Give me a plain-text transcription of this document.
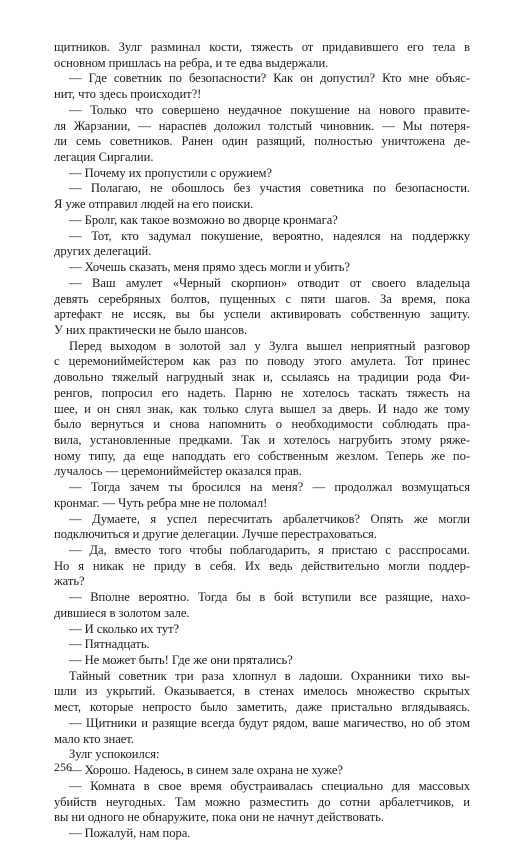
щитников. Зулг разминал кости, тяжесть от придавившего его тела в
основном пришлась на ребра, и те едва выдержали.
— Где советник по безопасности? Как он допустил? Кто мне объяс-
нит, что здесь происходит?!
— Только что совершено неудачное покушение на нового правите-
ля Жарзании, — нараспев доложил толстый чиновник. — Мы потеря-
ли семь советников. Ранен один разящий, полностью уничтожена де-
легация Сиргалии.
— Почему их пропустили с оружием?
— Полагаю, не обошлось без участия советника по безопасности.
Я уже отправил людей на его поиски.
— Бролг, как такое возможно во дворце кронмага?
— Тот, кто задумал покушение, вероятно, надеялся на поддержку
других делегаций.
— Хочешь сказать, меня прямо здесь могли и убить?
— Ваш амулет «Черный скорпион» отводит от своего владельца
девять серебряных болтов, пущенных с пяти шагов. За время, пока
артефакт не иссяк, вы бы успели активировать собственную защиту.
У них практически не было шансов.
Перед выходом в золотой зал у Зулга вышел неприятный разговор
с церемониймейстером как раз по поводу этого амулета. Тот принес
довольно тяжелый нагрудный знак и, ссылаясь на традиции рода Фи-
ренгов, попросил его надеть. Парню не хотелось таскать тяжесть на
шее, и он снял знак, как только слуга вышел за дверь. И надо же тому
было вернуться и снова напомнить о необходимости соблюдать пра-
вила, установленные предками. Так и хотелось нагрубить этому ряже-
ному типу, да еще наподдать его собственным жезлом. Теперь же по-
лучалось — церемониймейстер оказался прав.
— Тогда зачем ты бросился на меня? — продолжал возмущаться
кронмаг. — Чуть ребра мне не поломал!
— Думаете, я успел пересчитать арбалетчиков? Опять же могли
подключиться и другие делегации. Лучше перестраховаться.
— Да, вместо того чтобы поблагодарить, я пристаю с расспросами.
Но я никак не приду в себя. Их ведь действительно могли поддер-
жать?
— Вполне вероятно. Тогда бы в бой вступили все разящие, нахо-
дившиеся в золотом зале.
— И сколько их тут?
— Пятнадцать.
— Не может быть! Где же они прятались?
Тайный советник три раза хлопнул в ладоши. Охранники тихо вы-
шли из укрытий. Оказывается, в стенах имелось множество скрытых
мест, которые непросто было заметить, даже пристально вглядываясь.
— Щитники и разящие всегда будут рядом, ваше магичество, но об этом
мало кто знает.
Зулг успокоился:
— Хорошо. Надеюсь, в синем зале охрана не хуже?
— Комната в свое время обустраивалась специально для массовых
убийств неугодных. Там можно разместить до сотни арбалетчиков, и
вы ни одного не обнаружите, пока они не начнут действовать.
— Пожалуй, нам пора.
256
